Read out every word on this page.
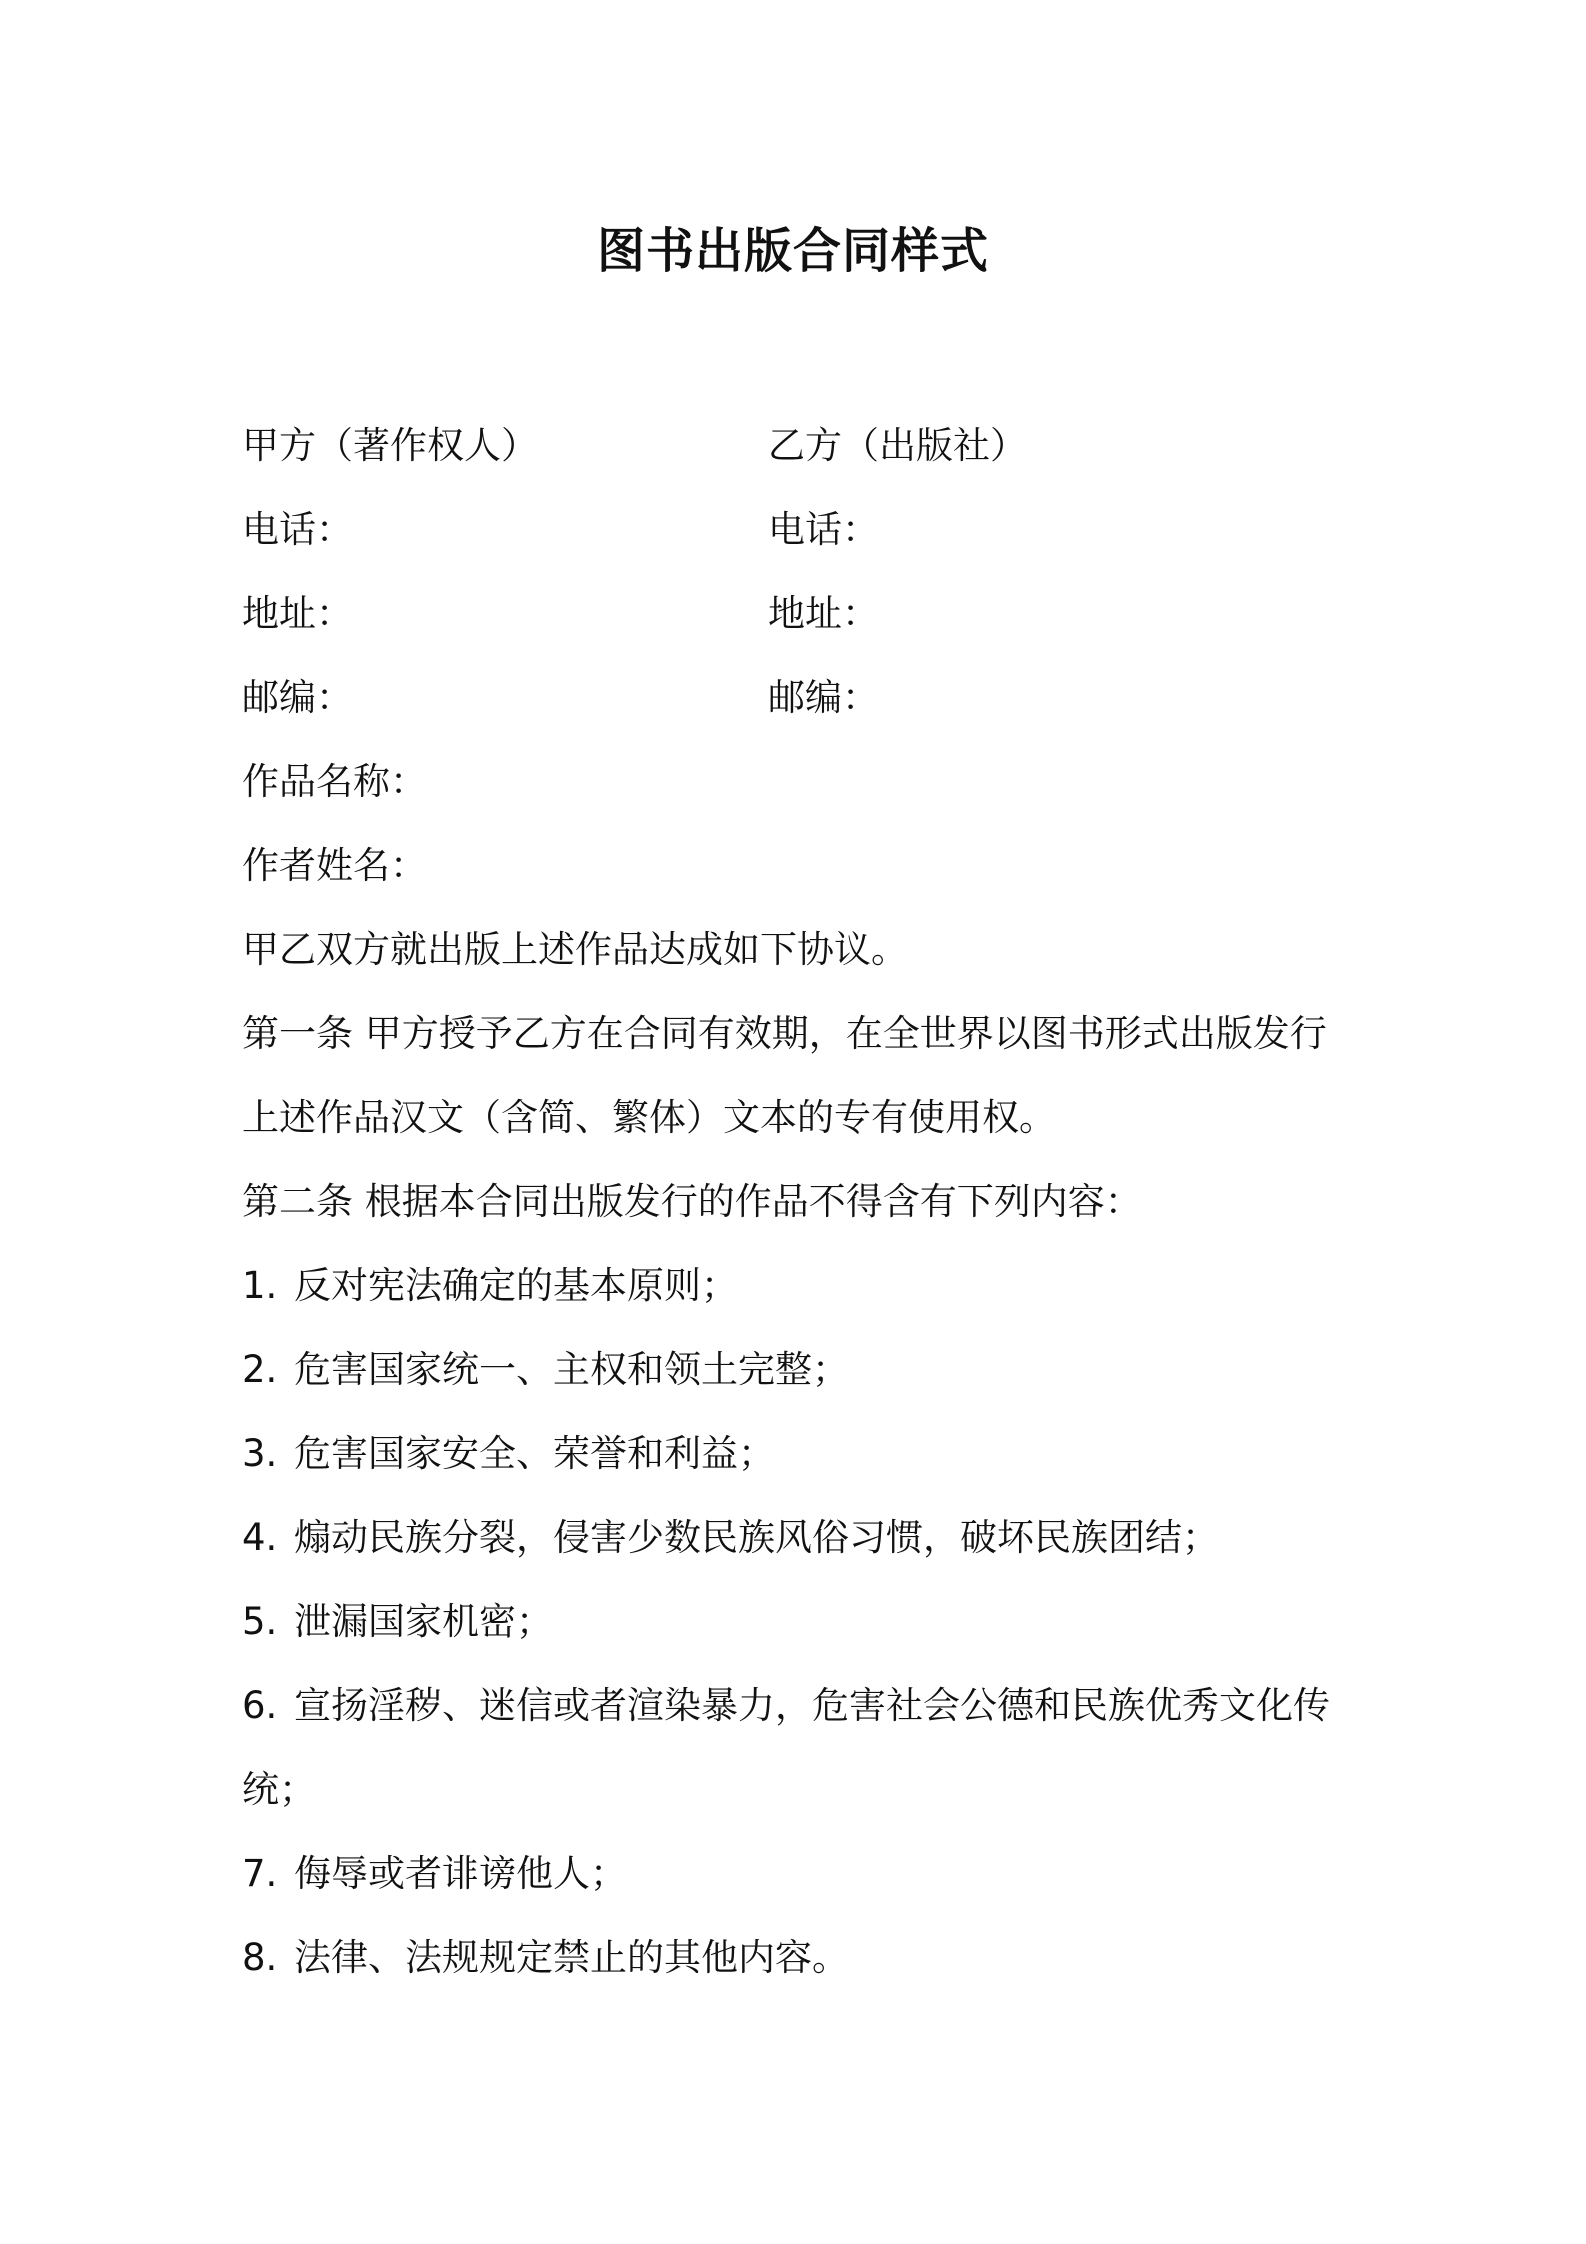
图书出版合同样式
甲方（著作权人）	乙方（出版社）
电话：	电话：
地址：	地址：
邮编：	邮编：
作品名称：
作者姓名：
甲乙双方就出版上述作品达成如下协议。
第一条 甲方授予乙方在合同有效期，在全世界以图书形式出版发行
上述作品汉文（含简、繁体）文本的专有使用权。
第二条 根据本合同出版发行的作品不得含有下列内容：
1. 反对宪法确定的基本原则；
2. 危害国家统一、主权和领土完整；
3. 危害国家安全、荣誉和利益；
4. 煽动民族分裂，侵害少数民族风俗习惯，破坏民族团结；
5. 泄漏国家机密；
6. 宣扬淫秽、迷信或者渲染暴力，危害社会公德和民族优秀文化传
统；
7. 侮辱或者诽谤他人；
8. 法律、法规规定禁止的其他内容。
